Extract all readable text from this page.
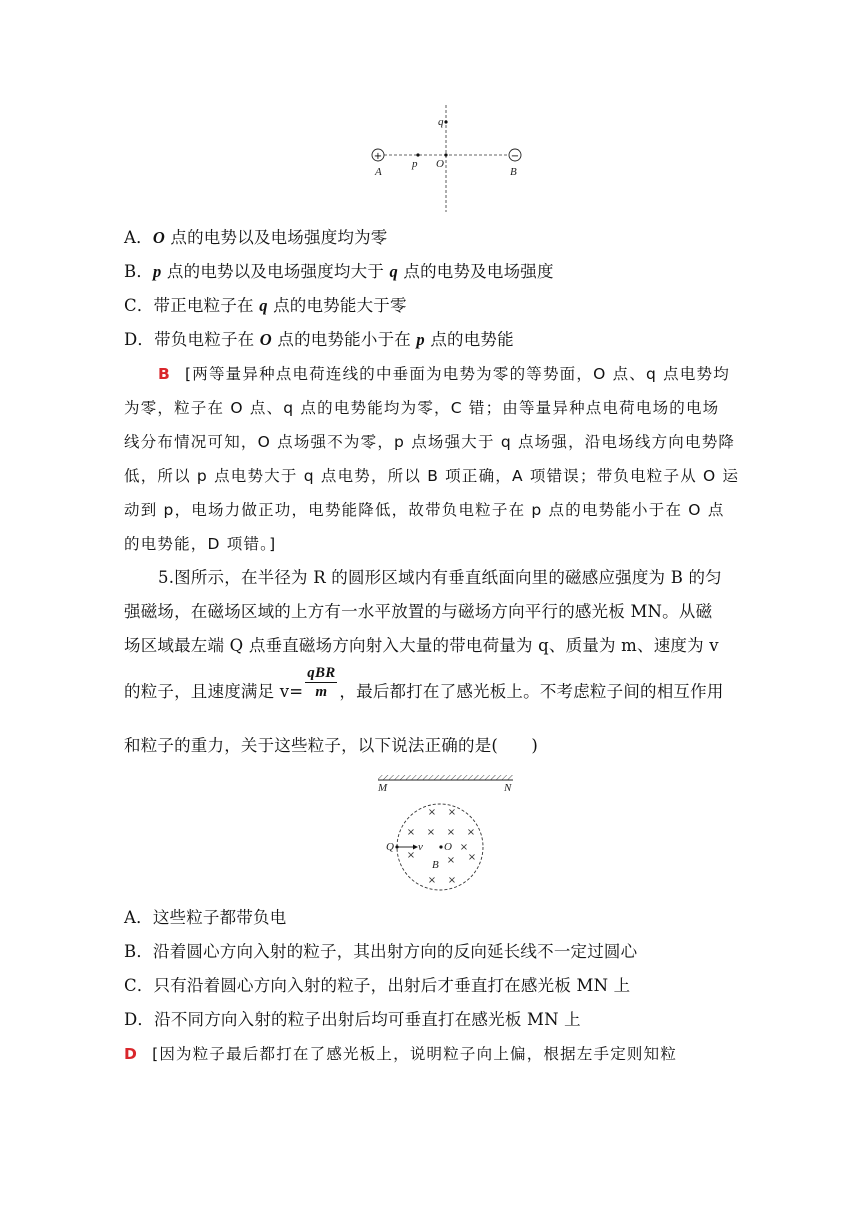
+	−
q
A
p O
B
A．O 点的电势以及电场强度均为零
B．p 点的电势以及电场强度均大于 q 点的电势及电场强度
C．带正电粒子在 q 点的电势能大于零
D．带负电粒子在 O 点的电势能小于在 p 点的电势能
B [两等量异种点电荷连线的中垂面为电势为零的等势面，O 点、q 点电势均
为零，粒子在 O 点、q 点的电势能均为零，C 错；由等量异种点电荷电场的电场
线分布情况可知，O 点场强不为零，p 点场强大于 q 点场强，沿电场线方向电势降
低，所以 p 点电势大于 q 点电势，所以 B 项正确，A 项错误；带负电粒子从 O 运
动到 p，电场力做正功，电势能降低，故带负电粒子在 p 点的电势能小于在 O 点
的电势能，D 项错。]
5.图所示，在半径为 R 的圆形区域内有垂直纸面向里的磁感应强度为 B 的匀
强磁场，在磁场区域的上方有一水平放置的与磁场方向平行的感光板 MN。从磁
场区域最左端 Q 点垂直磁场方向射入大量的带电荷量为 q、质量为 m、速度为 v
的粒子，且速度满足 $v= \frac{\text{qBR}}{m}$ ，最后都打在了感光板上。不考虑粒子间的相互作用
和粒子的重力，关于这些粒子，以下说法正确的是(　　)
M	N
× ×
× × × ×
×
×
×
×
× ×
Q v O
B
A．这些粒子都带负电
B．沿着圆心方向入射的粒子，其出射方向的反向延长线不一定过圆心
C．只有沿着圆心方向入射的粒子，出射后才垂直打在感光板 MN 上
D．沿不同方向入射的粒子出射后均可垂直打在感光板 MN 上
D [因为粒子最后都打在了感光板上，说明粒子向上偏，根据左手定则知粒
